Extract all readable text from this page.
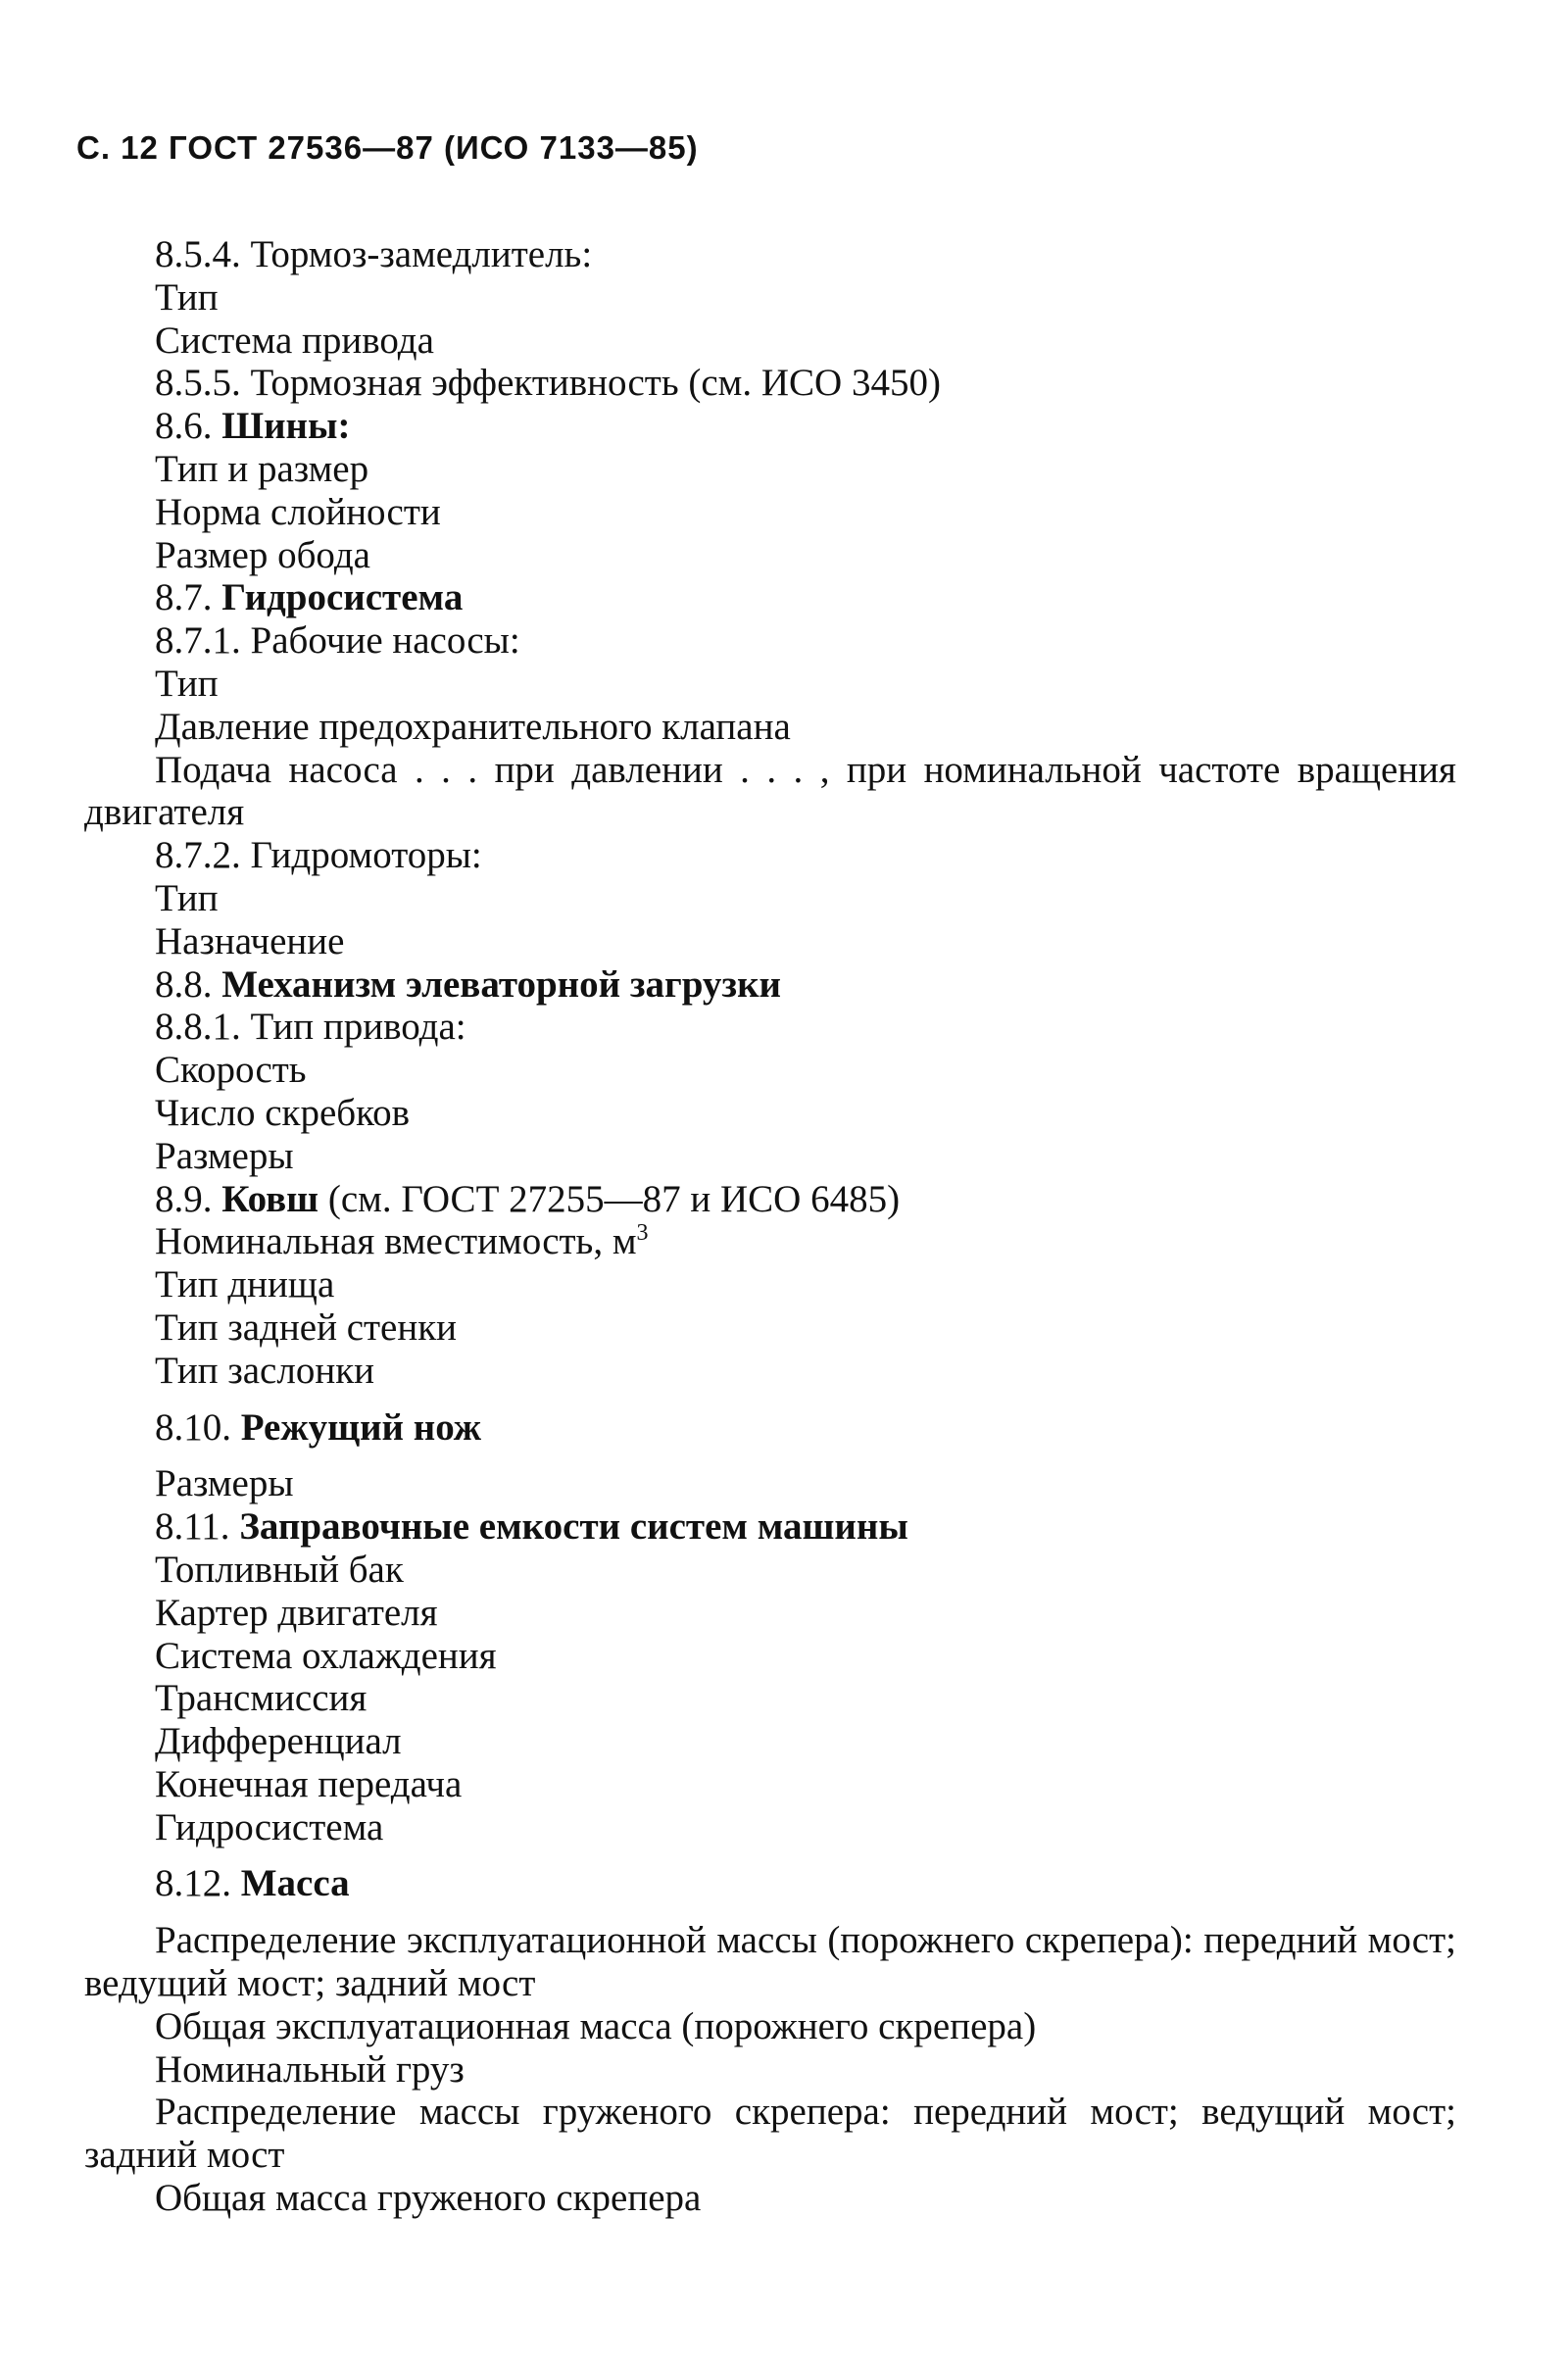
С. 12 ГОСТ 27536—87 (ИСО 7133—85)
8.5.4. Тормоз-замедлитель:
Тип
Система привода
8.5.5. Тормозная эффективность (см. ИСО 3450)
8.6. Шины:
Тип и размер
Норма слойности
Размер обода
8.7. Гидросистема
8.7.1. Рабочие насосы:
Тип
Давление предохранительного клапана
Подача насоса . . . при давлении . . . , при номинальной частоте вращения двигателя
8.7.2. Гидромоторы:
Тип
Назначение
8.8. Механизм элеваторной загрузки
8.8.1. Тип привода:
Скорость
Число скребков
Размеры
8.9. Ковш (см. ГОСТ 27255—87 и ИСО 6485)
Номинальная вместимость, $м^3$
Тип днища
Тип задней стенки
Тип заслонки
8.10. Режущий нож
Размеры
8.11. Заправочные емкости систем машины
Топливный бак
Картер двигателя
Система охлаждения
Трансмиссия
Дифференциал
Конечная передача
Гидросистема
8.12. Масса
Распределение эксплуатационной массы (порожнего скрепера): передний мост; ведущий мост; задний мост
Общая эксплуатационная масса (порожнего скрепера)
Номинальный груз
Распределение массы груженого скрепера: передний мост; ведущий мост; задний мост
Общая масса груженого скрепера
